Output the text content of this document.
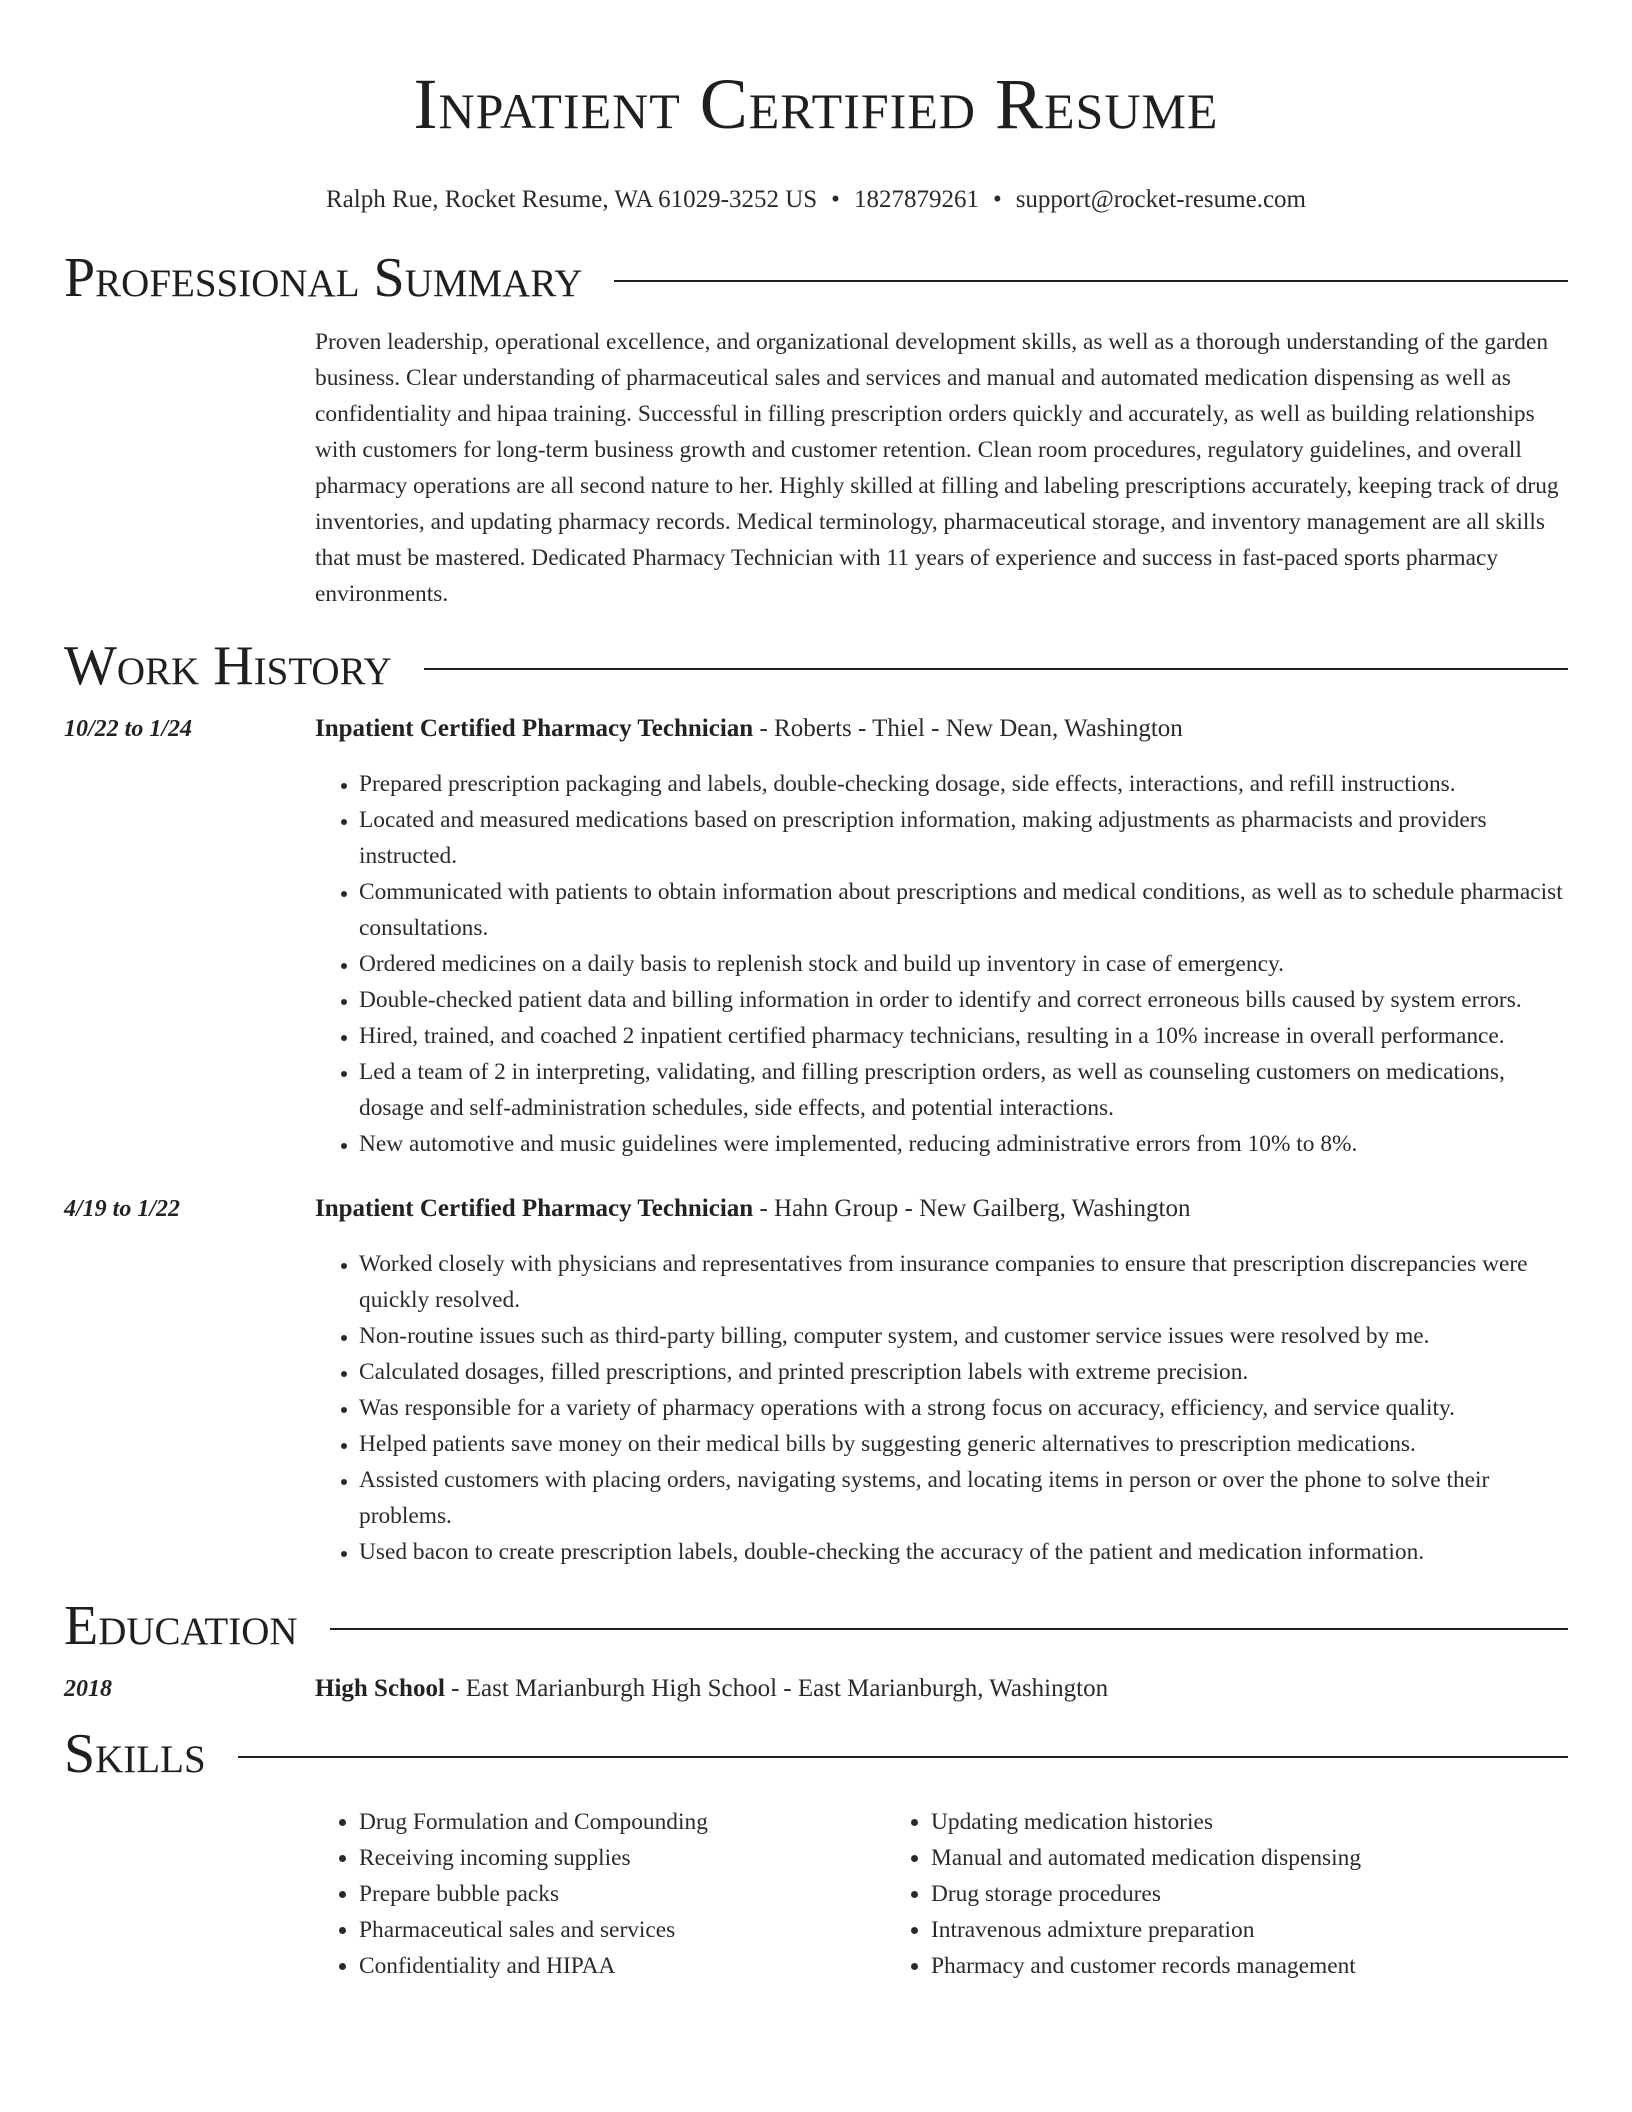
Inpatient Certified Resume
Ralph Rue, Rocket Resume, WA 61029-3252 US • 1827879261 • support@rocket-resume.com
Professional Summary
Proven leadership, operational excellence, and organizational development skills, as well as a thorough understanding of the garden business. Clear understanding of pharmaceutical sales and services and manual and automated medication dispensing as well as confidentiality and hipaa training. Successful in filling prescription orders quickly and accurately, as well as building relationships with customers for long-term business growth and customer retention. Clean room procedures, regulatory guidelines, and overall pharmacy operations are all second nature to her. Highly skilled at filling and labeling prescriptions accurately, keeping track of drug inventories, and updating pharmacy records. Medical terminology, pharmaceutical storage, and inventory management are all skills that must be mastered. Dedicated Pharmacy Technician with 11 years of experience and success in fast-paced sports pharmacy environments.
Work History
10/22 to 1/24	Inpatient Certified Pharmacy Technician - Roberts - Thiel - New Dean, Washington
• Prepared prescription packaging and labels, double-checking dosage, side effects, interactions, and refill instructions.
• Located and measured medications based on prescription information, making adjustments as pharmacists and providers instructed.
• Communicated with patients to obtain information about prescriptions and medical conditions, as well as to schedule pharmacist consultations.
• Ordered medicines on a daily basis to replenish stock and build up inventory in case of emergency.
• Double-checked patient data and billing information in order to identify and correct erroneous bills caused by system errors.
• Hired, trained, and coached 2 inpatient certified pharmacy technicians, resulting in a 10% increase in overall performance.
• Led a team of 2 in interpreting, validating, and filling prescription orders, as well as counseling customers on medications, dosage and self-administration schedules, side effects, and potential interactions.
• New automotive and music guidelines were implemented, reducing administrative errors from 10% to 8%.
4/19 to 1/22	Inpatient Certified Pharmacy Technician - Hahn Group - New Gailberg, Washington
• Worked closely with physicians and representatives from insurance companies to ensure that prescription discrepancies were quickly resolved.
• Non-routine issues such as third-party billing, computer system, and customer service issues were resolved by me.
• Calculated dosages, filled prescriptions, and printed prescription labels with extreme precision.
• Was responsible for a variety of pharmacy operations with a strong focus on accuracy, efficiency, and service quality.
• Helped patients save money on their medical bills by suggesting generic alternatives to prescription medications.
• Assisted customers with placing orders, navigating systems, and locating items in person or over the phone to solve their problems.
• Used bacon to create prescription labels, double-checking the accuracy of the patient and medication information.
Education
2018	High School - East Marianburgh High School - East Marianburgh, Washington
Skills
• Drug Formulation and Compounding
• Receiving incoming supplies
• Prepare bubble packs
• Pharmaceutical sales and services
• Confidentiality and HIPAA
• Updating medication histories
• Manual and automated medication dispensing
• Drug storage procedures
• Intravenous admixture preparation
• Pharmacy and customer records management
